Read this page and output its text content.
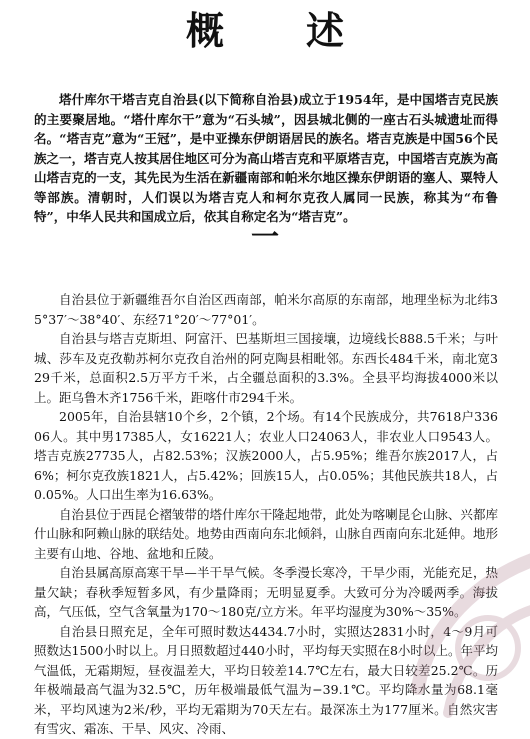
概　述

塔什库尔干塔吉克自治县(以下简称自治县)成立于1954年，是中国塔吉克民族的主要聚居地。“塔什库尔干”意为“石头城”，因县城北侧的一座古石头城遗址而得名。“塔吉克”意为“王冠”，是中亚操东伊朗语居民的族名。塔吉克族是中国56个民族之一，塔吉克人按其居住地区可分为高山塔吉克和平原塔吉克，中国塔吉克族为高山塔吉克的一支，其先民为生活在新疆南部和帕米尔地区操东伊朗语的塞人、粟特人等部族。清朝时，人们误以为塔吉克人和柯尔克孜人属同一民族，称其为“布鲁特”，中华人民共和国成立后，依其自称定名为“塔吉克”。

一

自治县位于新疆维吾尔自治区西南部，帕米尔高原的东南部，地理坐标为北纬35°37′～38°40′、东经71°20′～77°01′。

自治县与塔吉克斯坦、阿富汗、巴基斯坦三国接壤，边境线长888.5千米；与叶城、莎车及克孜勒苏柯尔克孜自治州的阿克陶县相毗邻。东西长484千米，南北宽329千米，总面积2.5万平方千米，占全疆总面积的3.3%。全县平均海拔4000米以上。距乌鲁木齐1756千米，距喀什市294千米。

2005年，自治县辖10个乡，2个镇，2个场。有14个民族成分，共7618户33606人。其中男17385人，女16221人；农业人口24063人，非农业人口9543人。塔吉克族27735人，占82.53%；汉族2000人，占5.95%；维吾尔族2017人，占6%；柯尔克孜族1821人，占5.42%；回族15人，占0.05%；其他民族共18人，占0.05%。人口出生率为16.63%。

自治县位于西昆仑褶皱带的塔什库尔干隆起地带，此处为喀喇昆仑山脉、兴都库什山脉和阿赖山脉的联结处。地势由西南向东北倾斜，山脉自西南向东北延伸。地形主要有山地、谷地、盆地和丘陵。

自治县属高原高寒干旱—半干旱气候。冬季漫长寒冷，干旱少雨，光能充足，热量欠缺；春秋季短暂多风，有少量降雨；无明显夏季。大致可分为冷暖两季。海拔高，气压低，空气含氧量为170～180克/立方米。年平均湿度为30%～35%。

自治县日照充足，全年可照时数达4434.7小时，实照达2831小时，4～9月可照数达1500小时以上。月日照数超过440小时，平均每天实照在8小时以上。年平均气温低，无霜期短，昼夜温差大，平均日较差14.7℃左右，最大日较差25.2℃。历年极端最高气温为32.5℃，历年极端最低气温为−39.1℃。平均降水量为68.1毫米，平均风速为2米/秒，平均无霜期为70天左右。最深冻土为177厘米。自然灾害有雪灾、霜冻、干旱、风灾、冷雨、
